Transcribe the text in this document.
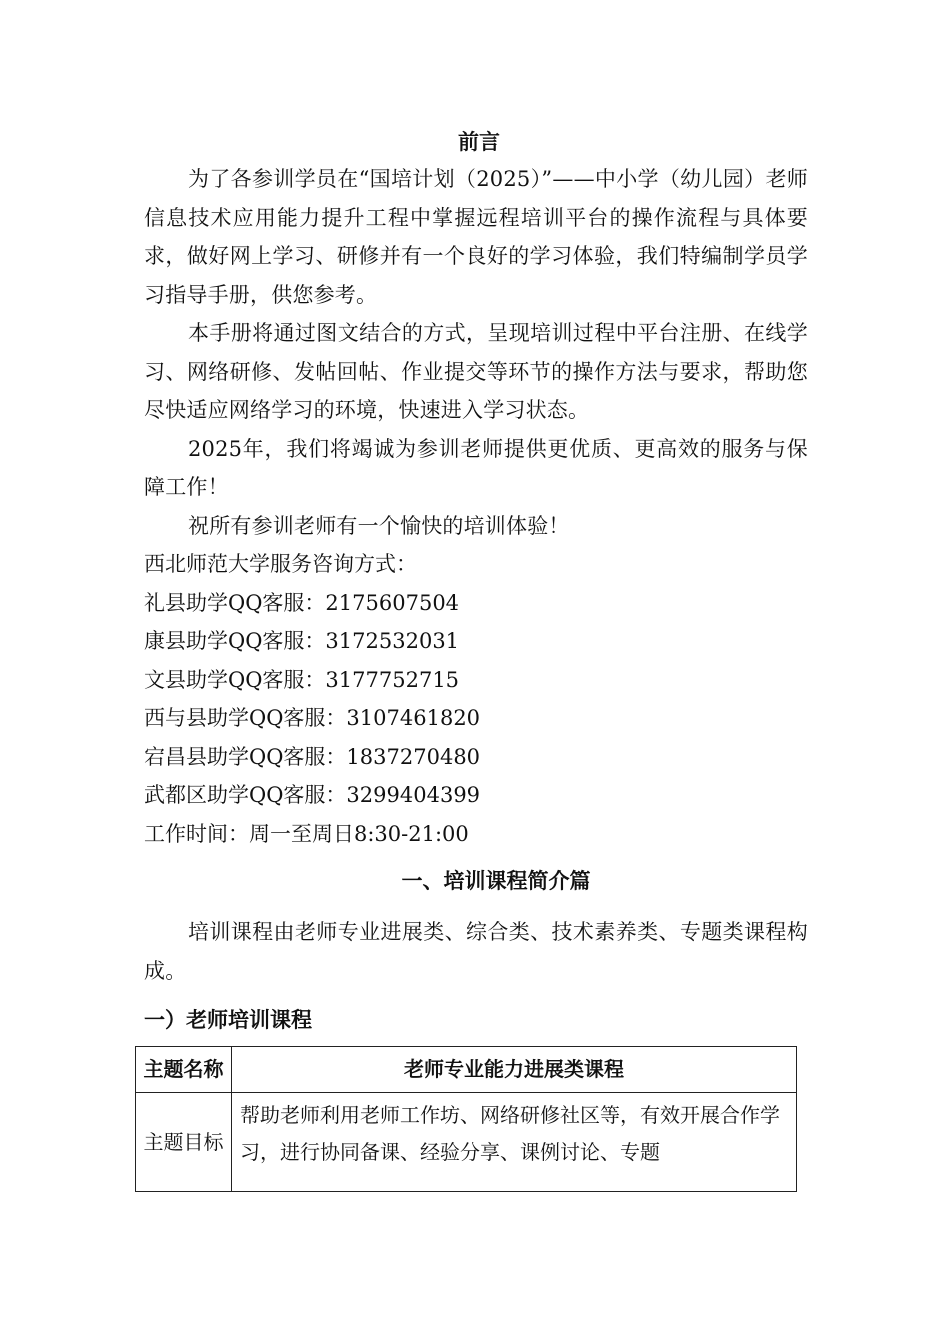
前言

为了各参训学员在“国培计划（2025）”——中小学（幼儿园）老师信息技术应用能力提升工程中掌握远程培训平台的操作流程与具体要求，做好网上学习、研修并有一个良好的学习体验，我们特编制学员学习指导手册，供您参考。

本手册将通过图文结合的方式，呈现培训过程中平台注册、在线学习、网络研修、发帖回帖、作业提交等环节的操作方法与要求，帮助您尽快适应网络学习的环境，快速进入学习状态。

2025年，我们将竭诚为参训老师提供更优质、更高效的服务与保障工作！

祝所有参训老师有一个愉快的培训体验！

西北师范大学服务咨询方式：

礼县助学QQ客服：2175607504

康县助学QQ客服：3172532031

文县助学QQ客服：3177752715

西与县助学QQ客服：3107461820

宕昌县助学QQ客服：1837270480

武都区助学QQ客服：3299404399

工作时间：周一至周日8:30-21:00

一、培训课程简介篇

培训课程由老师专业进展类、综合类、技术素养类、专题类课程构成。

一）老师培训课程

主题名称	老师专业能力进展类课程
主题目标	帮助老师利用老师工作坊、网络研修社区等，有效开展合作学习，进行协同备课、经验分享、课例讨论、专题
